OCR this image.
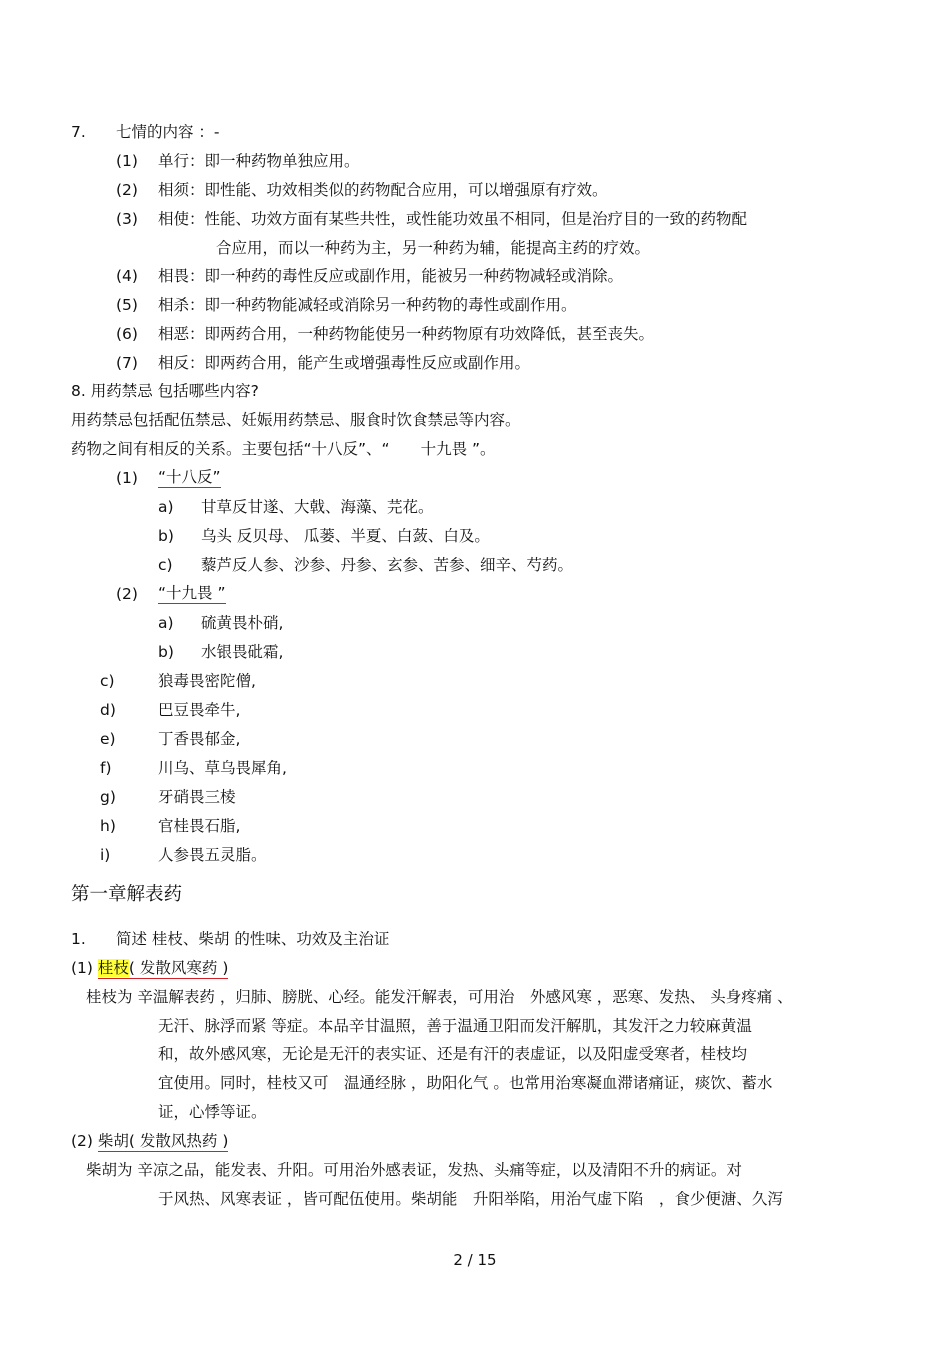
7. 七情的内容 ：-
(1) 单行：即一种药物单独应用。
(2) 相须：即性能、功效相类似的药物配合应用，可以增强原有疗效。
(3) 相使：性能、功效方面有某些共性，或性能功效虽不相同，但是治疗目的一致的药物配
合应用，而以一种药为主，另一种药为辅，能提高主药的疗效。
(4) 相畏：即一种药的毒性反应或副作用，能被另一种药物减轻或消除。
(5) 相杀：即一种药物能减轻或消除另一种药物的毒性或副作用。
(6) 相恶：即两药合用，一种药物能使另一种药物原有功效降低，甚至丧失。
(7) 相反：即两药合用，能产生或增强毒性反应或副作用。
8. 用药禁忌 包括哪些内容?
用药禁忌包括配伍禁忌、妊娠用药禁忌、服食时饮食禁忌等内容。
药物之间有相反的关系。主要包括“十八反”、“　　十九畏 ”。
(1) “十八反”
a) 甘草反甘遂、大戟、海藻、芫花。
b) 乌头 反贝母、 瓜蒌、半夏、白蔹、白及。
c) 藜芦反人参、沙参、丹参、玄参、苦参、细辛、芍药。
(2) “十九畏 ”
a) 硫黄畏朴硝,
b) 水银畏砒霜,
c)	狼毒畏密陀僧,
d)	巴豆畏牵牛,
e)	丁香畏郁金,
f)	川乌、草乌畏犀角,
g)	牙硝畏三棱
h)	官桂畏石脂,
i)	人参畏五灵脂。
第一章解表药
1. 简述 桂枝、柴胡 的性味、功效及主治证
(1) 桂枝( 发散风寒药 )
桂枝为 辛温解表药 ，归肺、膀胱、心经。能发汗解表，可用治　外感风寒 ，恶寒、发热、 头身疼痛 、
无汗、脉浮而紧 等症。本品辛甘温照，善于温通卫阳而发汗解肌，其发汗之力较麻黄温
和，故外感风寒，无论是无汗的表实证、还是有汗的表虚证，以及阳虚受寒者，桂枝均
宜使用。同时，桂枝又可　温通经脉 ，助阳化气 。也常用治寒凝血滞诸痛证，痰饮、蓄水
证，心悸等证。
(2) 柴胡( 发散风热药 )
柴胡为 辛凉之品，能发表、升阳。可用治外感表证，发热、头痛等症，以及清阳不升的病证。对
于风热、风寒表证 ，皆可配伍使用。柴胡能　升阳举陷，用治气虚下陷　，食少便溏、久泻
2 / 15
